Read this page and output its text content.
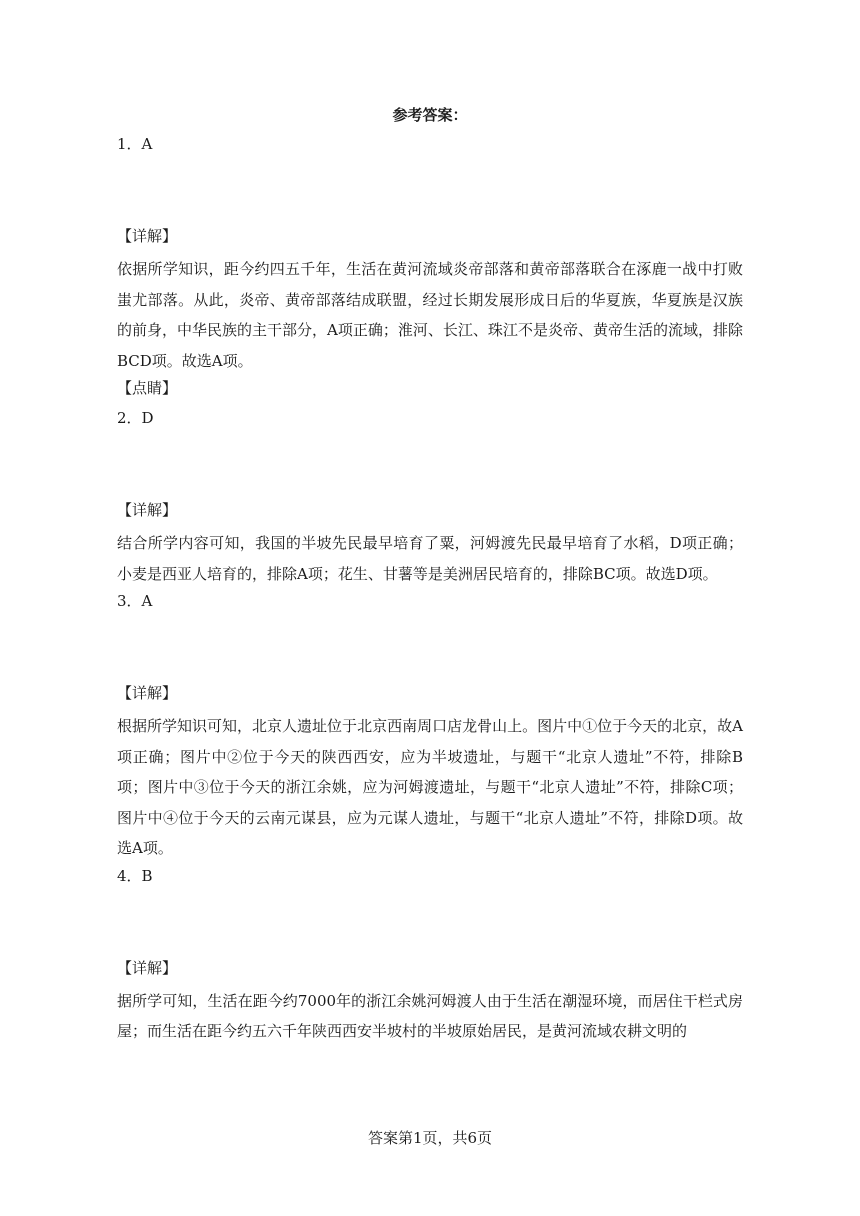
参考答案：

1．A

【详解】

依据所学知识，距今约四五千年，生活在黄河流域炎帝部落和黄帝部落联合在涿鹿一战中打败蚩尤部落。从此，炎帝、黄帝部落结成联盟，经过长期发展形成日后的华夏族，华夏族是汉族的前身，中华民族的主干部分，A项正确；淮河、长江、珠江不是炎帝、黄帝生活的流域，排除BCD项。故选A项。

【点睛】

2．D

【详解】

结合所学内容可知，我国的半坡先民最早培育了粟，河姆渡先民最早培育了水稻，D项正确；小麦是西亚人培育的，排除A项；花生、甘薯等是美洲居民培育的，排除BC项。故选D项。

3．A

【详解】

根据所学知识可知，北京人遗址位于北京西南周口店龙骨山上。图片中①位于今天的北京，故A项正确；图片中②位于今天的陕西西安，应为半坡遗址，与题干“北京人遗址”不符，排除B项；图片中③位于今天的浙江余姚，应为河姆渡遗址，与题干“北京人遗址”不符，排除C项；图片中④位于今天的云南元谋县，应为元谋人遗址，与题干“北京人遗址”不符，排除D项。故选A项。

4．B

【详解】

据所学可知，生活在距今约7000年的浙江余姚河姆渡人由于生活在潮湿环境，而居住干栏式房屋；而生活在距今约五六千年陕西西安半坡村的半坡原始居民，是黄河流域农耕文明的

答案第1页，共6页
